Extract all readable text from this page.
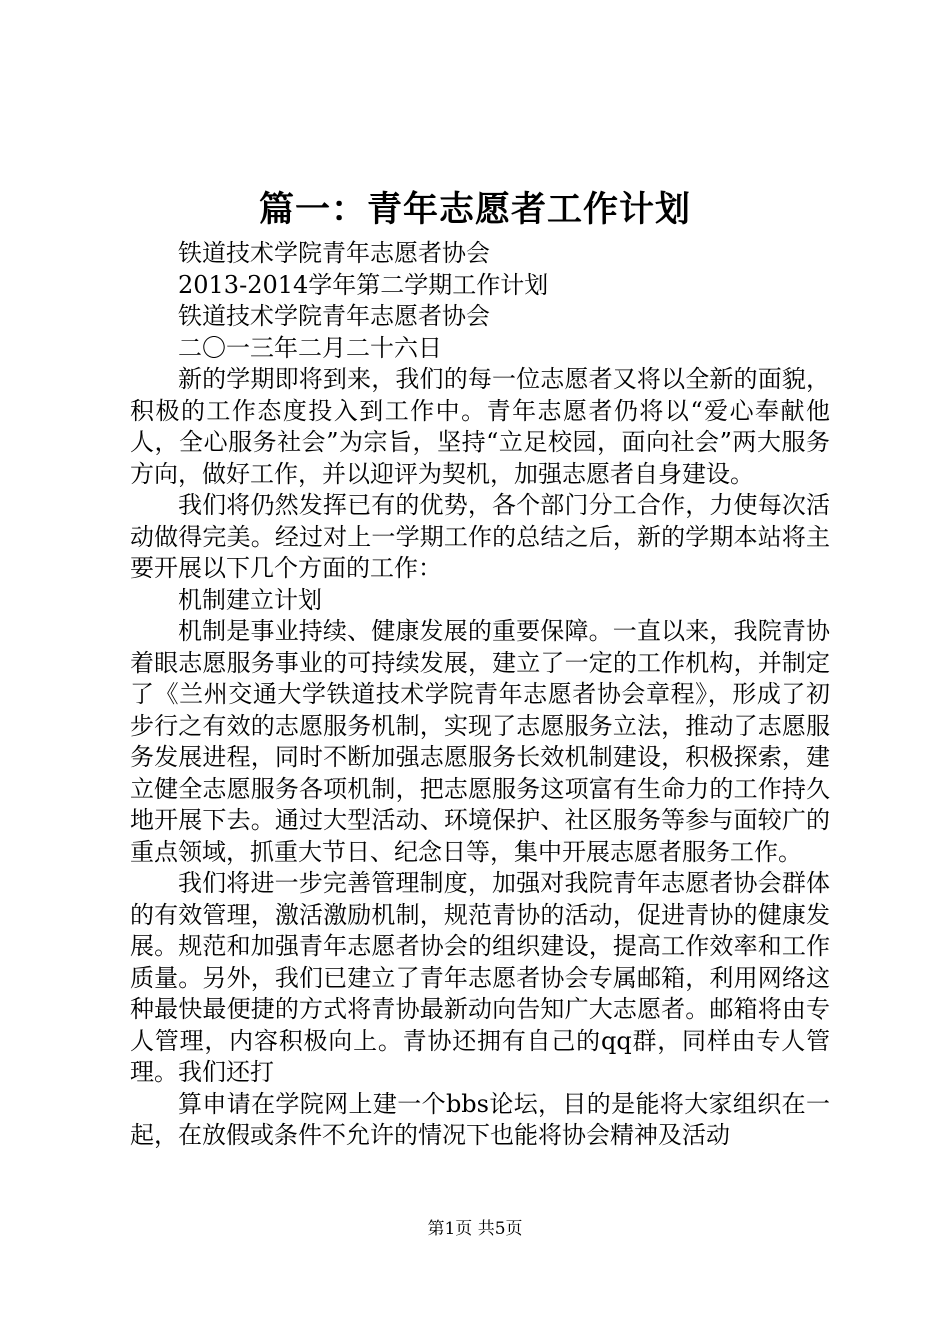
篇一：青年志愿者工作计划

铁道技术学院青年志愿者协会

2013-2014学年第二学期工作计划

铁道技术学院青年志愿者协会

二〇一三年二月二十六日

新的学期即将到来，我们的每一位志愿者又将以全新的面貌，积极的工作态度投入到工作中。青年志愿者仍将以“爱心奉献他人，全心服务社会”为宗旨，坚持“立足校园，面向社会”两大服务方向，做好工作，并以迎评为契机，加强志愿者自身建设。

我们将仍然发挥已有的优势，各个部门分工合作，力使每次活动做得完美。经过对上一学期工作的总结之后，新的学期本站将主要开展以下几个方面的工作：

机制建立计划

机制是事业持续、健康发展的重要保障。一直以来，我院青协着眼志愿服务事业的可持续发展，建立了一定的工作机构，并制定了《兰州交通大学铁道技术学院青年志愿者协会章程》，形成了初步行之有效的志愿服务机制，实现了志愿服务立法，推动了志愿服务发展进程，同时不断加强志愿服务长效机制建设，积极探索，建立健全志愿服务各项机制，把志愿服务这项富有生命力的工作持久地开展下去。通过大型活动、环境保护、社区服务等参与面较广的重点领域，抓重大节日、纪念日等，集中开展志愿者服务工作。

我们将进一步完善管理制度，加强对我院青年志愿者协会群体的有效管理，激活激励机制，规范青协的活动，促进青协的健康发展。规范和加强青年志愿者协会的组织建设，提高工作效率和工作质量。另外，我们已建立了青年志愿者协会专属邮箱，利用网络这种最快最便捷的方式将青协最新动向告知广大志愿者。邮箱将由专人管理，内容积极向上。青协还拥有自己的qq群，同样由专人管理。我们还打

算申请在学院网上建一个bbs论坛，目的是能将大家组织在一起，在放假或条件不允许的情况下也能将协会精神及活动

第1页 共5页
